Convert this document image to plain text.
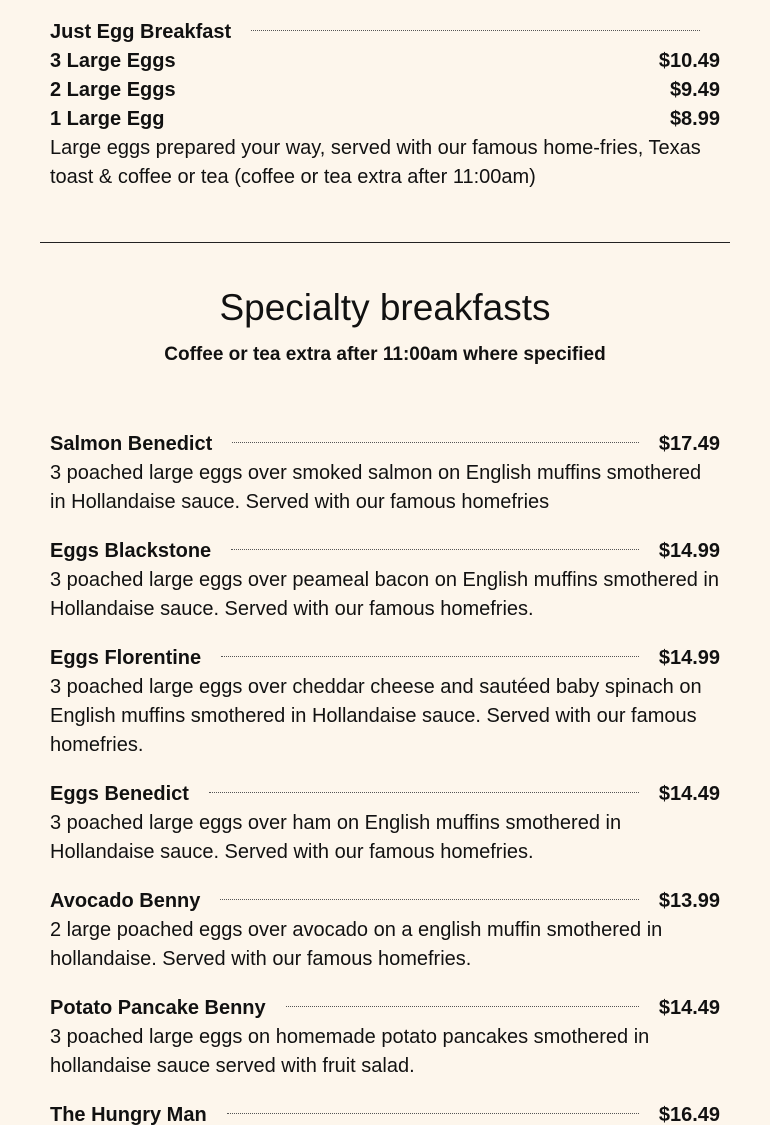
Just Egg Breakfast
3 Large Eggs	$10.49
2 Large Eggs	$9.49
1 Large Egg	$8.99

Large eggs prepared your way, served with our famous home-fries, Texas toast & coffee or tea (coffee or tea extra after 11:00am)

Specialty breakfasts
Coffee or tea extra after 11:00am where specified
Salmon Benedict	$17.49

3 poached large eggs over smoked salmon on English muffins smothered in Hollandaise sauce. Served with our famous homefries

Eggs Blackstone	$14.99

3 poached large eggs over peameal bacon on English muffins smothered in Hollandaise sauce. Served with our famous homefries.

Eggs Florentine	$14.99

3 poached large eggs over cheddar cheese and sautéed baby spinach on English muffins smothered in Hollandaise sauce. Served with our famous homefries.

Eggs Benedict	$14.49

3 poached large eggs over ham on English muffins smothered in Hollandaise sauce. Served with our famous homefries.

Avocado Benny	$13.99

2 large poached eggs over avocado on a english muffin smothered in hollandaise. Served with our famous homefries.

Potato Pancake Benny	$14.49

3 poached large eggs on homemade potato pancakes smothered in hollandaise sauce served with fruit salad.

The Hungry Man	$16.49
